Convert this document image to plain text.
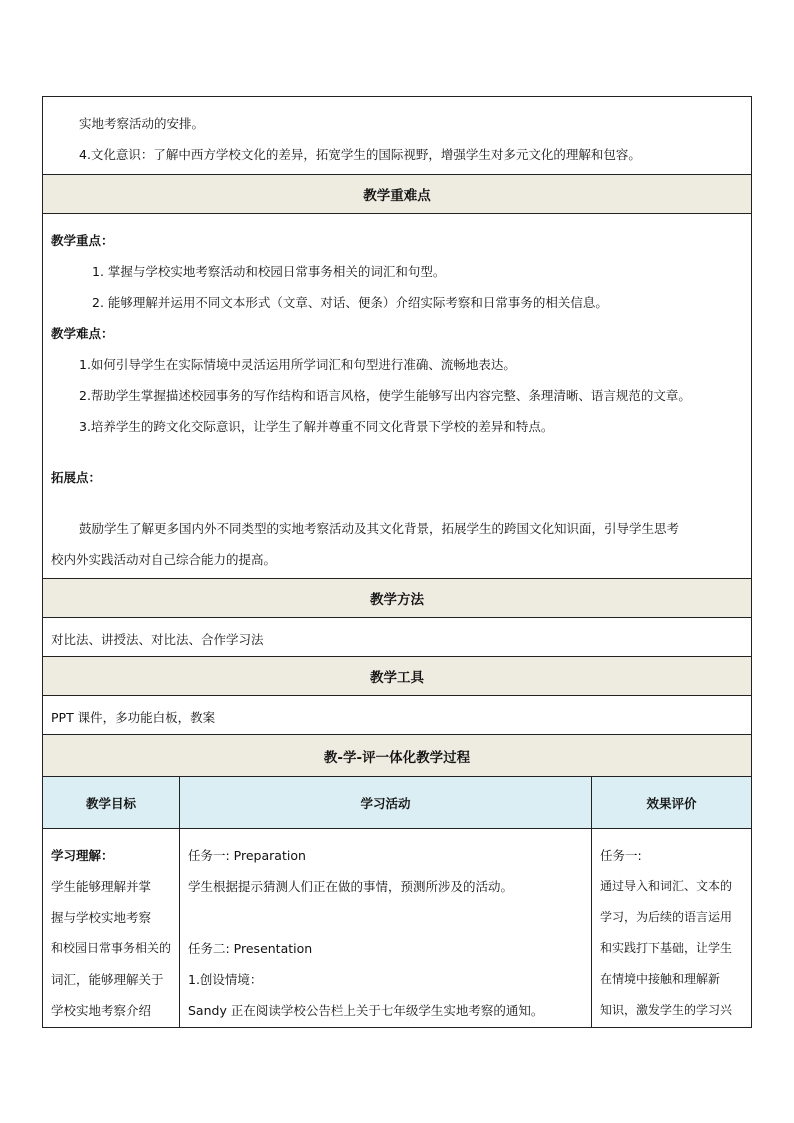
实地考察活动的安排。
4.文化意识：了解中西方学校文化的差异，拓宽学生的国际视野，增强学生对多元文化的理解和包容。
教学重难点
教学重点：
1. 掌握与学校实地考察活动和校园日常事务相关的词汇和句型。
2. 能够理解并运用不同文本形式（文章、对话、便条）介绍实际考察和日常事务的相关信息。
教学难点：
1.如何引导学生在实际情境中灵活运用所学词汇和句型进行准确、流畅地表达。
2.帮助学生掌握描述校园事务的写作结构和语言风格，使学生能够写出内容完整、条理清晰、语言规范的文章。
3.培养学生的跨文化交际意识，让学生了解并尊重不同文化背景下学校的差异和特点。
拓展点：
鼓励学生了解更多国内外不同类型的实地考察活动及其文化背景，拓展学生的跨国文化知识面，引导学生思考
校内外实践活动对自己综合能力的提高。
教学方法
对比法、讲授法、对比法、合作学习法
教学工具
PPT 课件，多功能白板，教案
教-学-评一体化教学过程
教学目标	学习活动	效果评价
学习理解：
学生能够理解并掌
握与学校实地考察
和校园日常事务相关的
词汇，能够理解关于
学校实地考察介绍
任务一: Preparation
学生根据提示猜测人们正在做的事情，预测所涉及的活动。
任务二: Presentation
1.创设情境：
Sandy 正在阅读学校公告栏上关于七年级学生实地考察的通知。
任务一:
通过导入和词汇、文本的
学习，为后续的语言运用
和实践打下基础，让学生
在情境中接触和理解新
知识，激发学生的学习兴
